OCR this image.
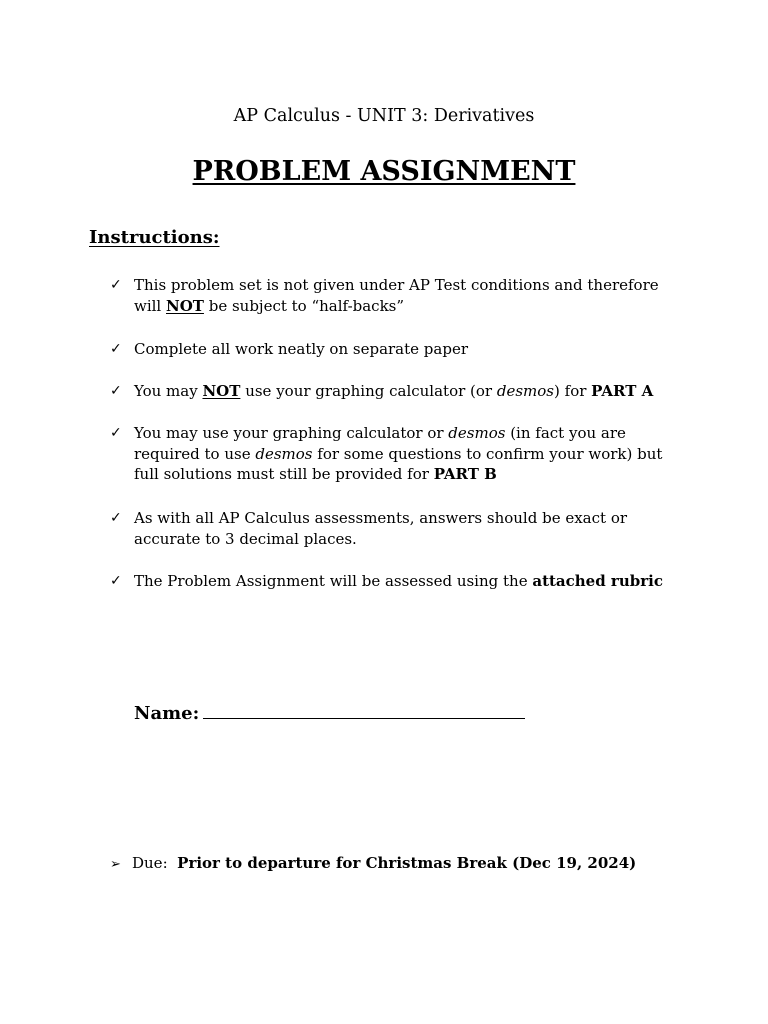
AP Calculus - UNIT 3: Derivatives
PROBLEM ASSIGNMENT
Instructions:
✓ This problem set is not given under AP Test conditions and therefore
will NOT be subject to “half-backs”
✓ Complete all work neatly on separate paper
✓ You may NOT use your graphing calculator (or desmos) for PART A
✓ You may use your graphing calculator or desmos (in fact you are
required to use desmos for some questions to confirm your work) but
full solutions must still be provided for PART B
✓ As with all AP Calculus assessments, answers should be exact or
accurate to 3 decimal places.
✓ The Problem Assignment will be assessed using the attached rubric
Name:
➢ Due: Prior to departure for Christmas Break (Dec 19, 2024)
